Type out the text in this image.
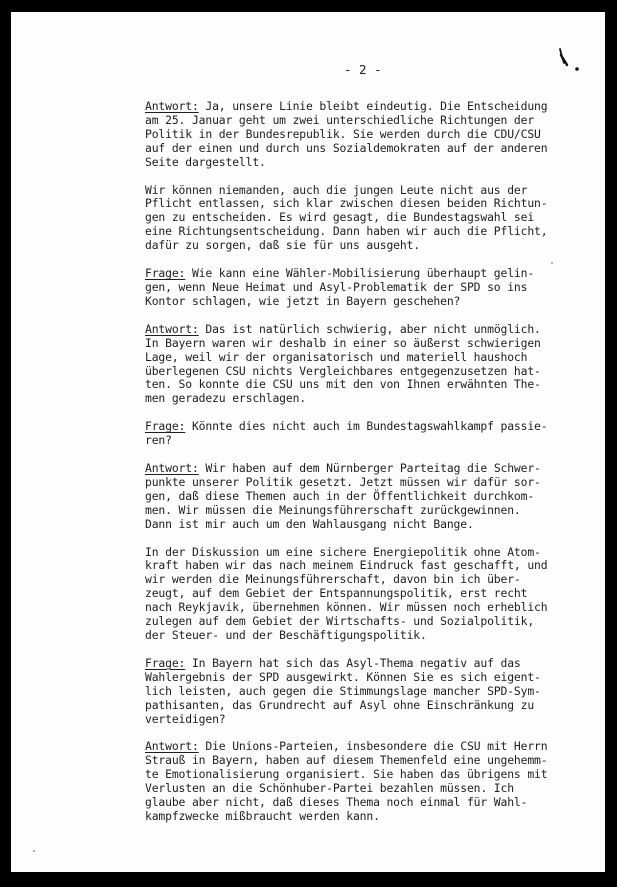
- 2 -
Antwort: Ja, unsere Linie bleibt eindeutig. Die Entscheidung
am 25. Januar geht um zwei unterschiedliche Richtungen der
Politik in der Bundesrepublik. Sie werden durch die CDU/CSU
auf der einen und durch uns Sozialdemokraten auf der anderen
Seite dargestellt.
Wir können niemanden, auch die jungen Leute nicht aus der
Pflicht entlassen, sich klar zwischen diesen beiden Richtun-
gen zu entscheiden. Es wird gesagt, die Bundestagswahl sei
eine Richtungsentscheidung. Dann haben wir auch die Pflicht,
dafür zu sorgen, daß sie für uns ausgeht.
Frage: Wie kann eine Wähler-Mobilisierung überhaupt gelin-
gen, wenn Neue Heimat und Asyl-Problematik der SPD so ins
Kontor schlagen, wie jetzt in Bayern geschehen?
Antwort: Das ist natürlich schwierig, aber nicht unmöglich.
In Bayern waren wir deshalb in einer so äußerst schwierigen
Lage, weil wir der organisatorisch und materiell haushoch
überlegenen CSU nichts Vergleichbares entgegenzusetzen hat-
ten. So konnte die CSU uns mit den von Ihnen erwähnten The-
men geradezu erschlagen.
Frage: Könnte dies nicht auch im Bundestagswahlkampf passie-
ren?
Antwort: Wir haben auf dem Nürnberger Parteitag die Schwer-
punkte unserer Politik gesetzt. Jetzt müssen wir dafür sor-
gen, daß diese Themen auch in der Öffentlichkeit durchkom-
men. Wir müssen die Meinungsführerschaft zurückgewinnen.
Dann ist mir auch um den Wahlausgang nicht Bange.
In der Diskussion um eine sichere Energiepolitik ohne Atom-
kraft haben wir das nach meinem Eindruck fast geschafft, und
wir werden die Meinungsführerschaft, davon bin ich über-
zeugt, auf dem Gebiet der Entspannungspolitik, erst recht
nach Reykjavik, übernehmen können. Wir müssen noch erheblich
zulegen auf dem Gebiet der Wirtschafts- und Sozialpolitik,
der Steuer- und der Beschäftigungspolitik.
Frage: In Bayern hat sich das Asyl-Thema negativ auf das
Wahlergebnis der SPD ausgewirkt. Können Sie es sich eigent-
lich leisten, auch gegen die Stimmungslage mancher SPD-Sym-
pathisanten, das Grundrecht auf Asyl ohne Einschränkung zu
verteidigen?
Antwort: Die Unions-Parteien, insbesondere die CSU mit Herrn
Strauß in Bayern, haben auf diesem Themenfeld eine ungehemm-
te Emotionalisierung organisiert. Sie haben das übrigens mit
Verlusten an die Schönhuber-Partei bezahlen müssen. Ich
glaube aber nicht, daß dieses Thema noch einmal für Wahl-
kampfzwecke mißbraucht werden kann.
